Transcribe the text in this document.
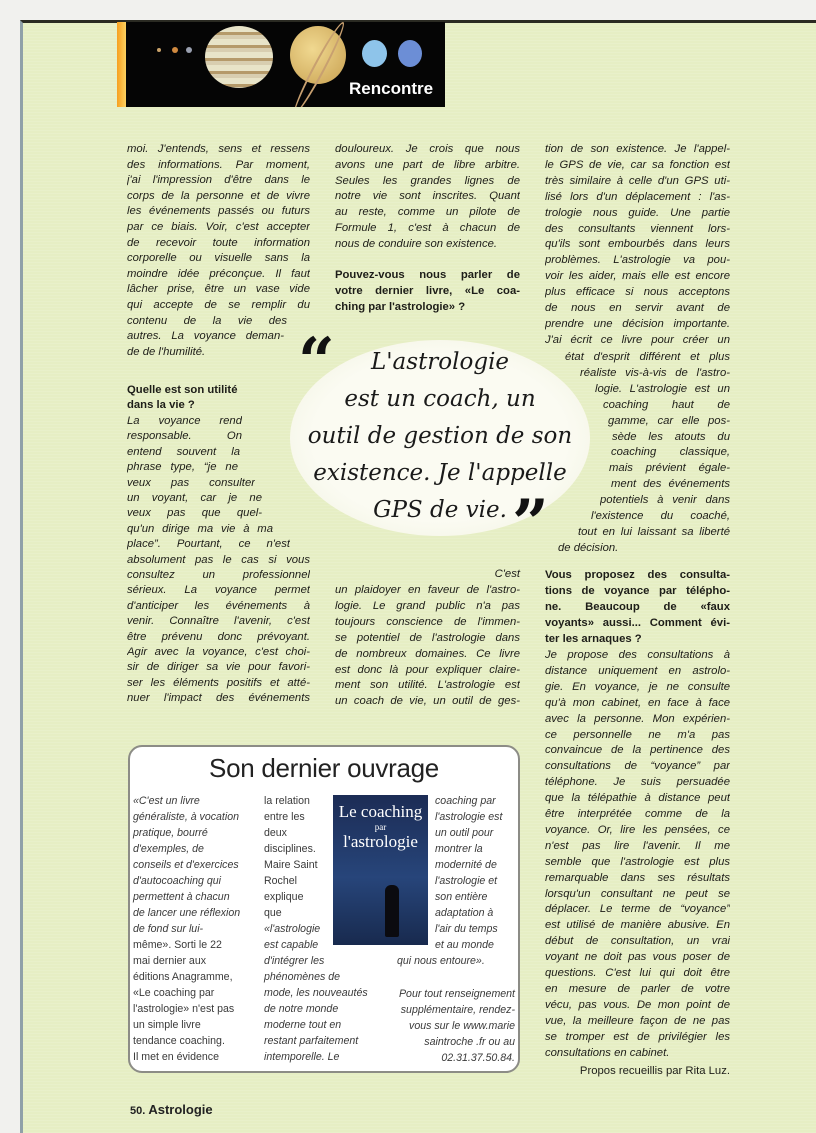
Rencontre
“
”
L'astrologie
est un coach, un
outil de gestion de son
existence. Je l'appelle
GPS de vie.
Son dernier ouvrage
Le coaching
par
l'astrologie
moi. J'entends, sens et ressens
des informations. Par moment,
j'ai l'impression d'être dans le
corps de la personne et de vivre
les événements passés ou futurs
par ce biais. Voir, c'est accepter
de recevoir toute information
corporelle ou visuelle sans la
moindre idée préconçue. Il faut
lâcher prise, être un vase vide
qui accepte de se remplir du
contenu de la vie des
autres. La voyance deman-
de de l'humilité.
Quelle est son utilité
dans la vie ?
La voyance rend
responsable. On
entend souvent la
phrase type, “je ne
veux pas consulter
un voyant, car je ne
veux pas que quel-
qu'un dirige ma vie à ma
place”. Pourtant, ce n'est
absolument pas le cas si vous
consultez un professionnel
sérieux. La voyance permet
d'anticiper les événements à
venir. Connaître l'avenir, c'est
être prévenu donc prévoyant.
Agir avec la voyance, c'est choi-
sir de diriger sa vie pour favori-
ser les éléments positifs et atté-
nuer l'impact des événements
douloureux. Je crois que nous
avons une part de libre arbitre.
Seules les grandes lignes de
notre vie sont inscrites. Quant
au reste, comme un pilote de
Formule 1, c'est à chacun de
nous de conduire son existence.
Pouvez-vous nous parler de
votre dernier livre, «Le coa-
ching par l'astrologie» ?
C'est
un plaidoyer en faveur de l'astro-
logie. Le grand public n'a pas
toujours conscience de l'immen-
se potentiel de l'astrologie dans
de nombreux domaines. Ce livre
est donc là pour expliquer claire-
ment son utilité. L'astrologie est
un coach de vie, un outil de ges-
tion de son existence. Je l'appel-
le GPS de vie, car sa fonction est
très similaire à celle d'un GPS uti-
lisé lors d'un déplacement : l'as-
trologie nous guide. Une partie
des consultants viennent lors-
qu'ils sont embourbés dans leurs
problèmes. L'astrologie va pou-
voir les aider, mais elle est encore
plus efficace si nous acceptons
de nous en servir avant de
prendre une décision importante.
J'ai écrit ce livre pour créer un
état d'esprit différent et plus
réaliste vis-à-vis de l'astro-
logie. L'astrologie est un
coaching haut de
gamme, car elle pos-
sède les atouts du
coaching classique,
mais prévient égale-
ment des événements
potentiels à venir dans
l'existence du coaché,
tout en lui laissant sa liberté
de décision.
Vous proposez des consulta-
tions de voyance par télépho-
ne. Beaucoup de «faux
voyants» aussi... Comment évi-
ter les arnaques ?
Je propose des consultations à
distance uniquement en astrolo-
gie. En voyance, je ne consulte
qu'à mon cabinet, en face à face
avec la personne. Mon expérien-
ce personnelle ne m'a pas
convaincue de la pertinence des
consultations de “voyance” par
téléphone. Je suis persuadée
que la télépathie à distance peut
être interprétée comme de la
voyance. Or, lire les pensées, ce
n'est pas lire l'avenir. Il me
semble que l'astrologie est plus
remarquable dans ses résultats
lorsqu'un consultant ne peut se
déplacer. Le terme de “voyance”
est utilisé de manière abusive. En
début de consultation, un vrai
voyant ne doit pas vous poser de
questions. C'est lui qui doit être
en mesure de parler de votre
vécu, pas vous. De mon point de
vue, la meilleure façon de ne pas
se tromper est de privilégier les
consultations en cabinet.
Propos recueillis par Rita Luz.
«C'est un livre
généraliste, à vocation
pratique, bourré
d'exemples, de
conseils et d'exercices
d'autocoaching qui
permettent à chacun
de lancer une réflexion
de fond sur lui-
même». Sorti le 22
mai dernier aux
éditions Anagramme,
«Le coaching par
l'astrologie» n'est pas
un simple livre
tendance coaching.
Il met en évidence
la relation
entre les
deux
disciplines.
Maire Saint
Rochel
explique
que
«l'astrologie
est capable
d'intégrer les
phénomènes de
mode, les nouveautés
de notre monde
moderne tout en
restant parfaitement
intemporelle. Le
coaching par
l'astrologie est
un outil pour
montrer la
modernité de
l'astrologie et
son entière
adaptation à
l'air du temps
et au monde
qui nous entoure».
Pour tout renseignement
supplémentaire, rendez-
vous sur le www.marie
saintroche .fr ou au
02.31.37.50.84.
50. Astrologie
